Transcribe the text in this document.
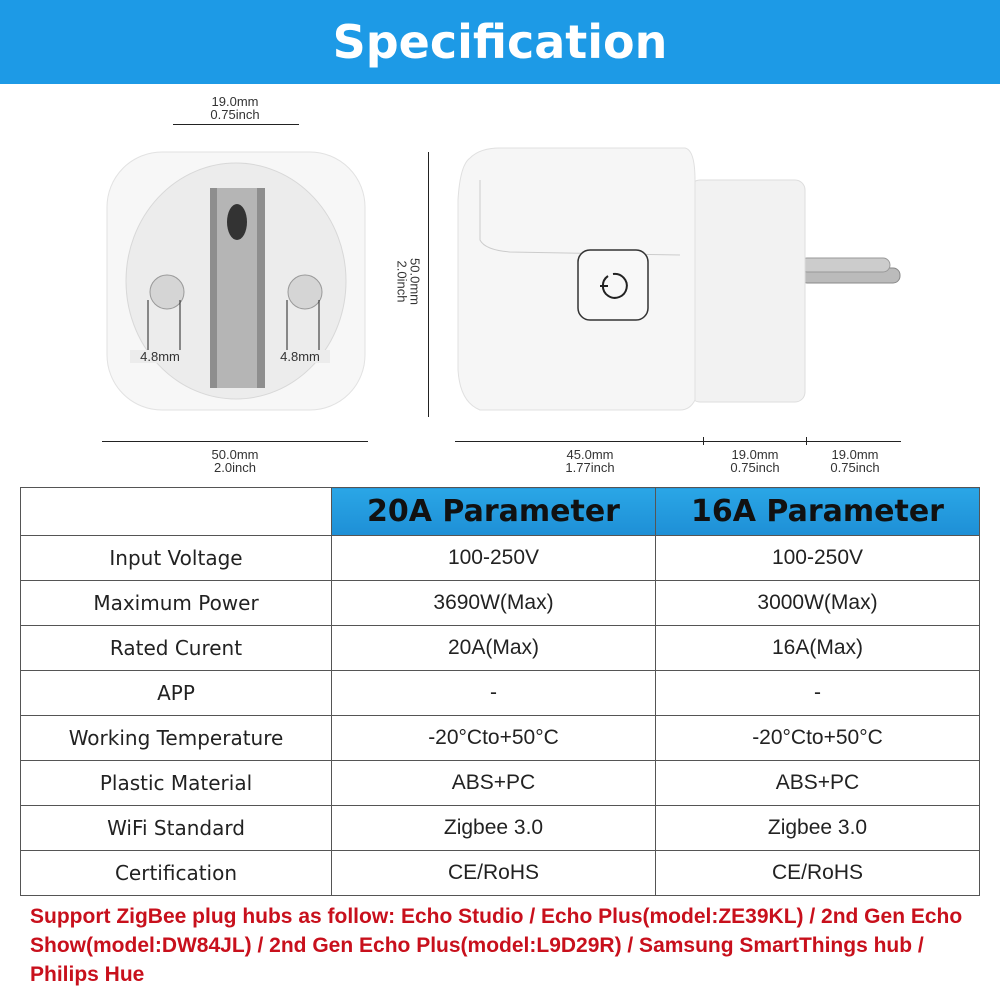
Specification
19.0mm
0.75inch
4.8mm	4.8mm
50.0mm
2.0inch
50.0mm
2.0inch
45.0mm
1.77inch
19.0mm
0.75inch
19.0mm
0.75inch
	20A Parameter	16A Parameter
Input Voltage	100-250V	100-250V
Maximum Power	3690W(Max)	3000W(Max)
Rated Curent	20A(Max)	16A(Max)
APP	-	-
Working Temperature	-20°Cto+50°C	-20°Cto+50°C
Plastic Material	ABS+PC	ABS+PC
WiFi Standard	Zigbee 3.0	Zigbee 3.0
Certification	CE/RoHS	CE/RoHS
Support ZigBee plug hubs as follow: Echo Studio / Echo Plus(model:ZE39KL) / 2nd Gen Echo Show(model:DW84JL) / 2nd Gen Echo Plus(model:L9D29R) / Samsung SmartThings hub / Philips Hue
